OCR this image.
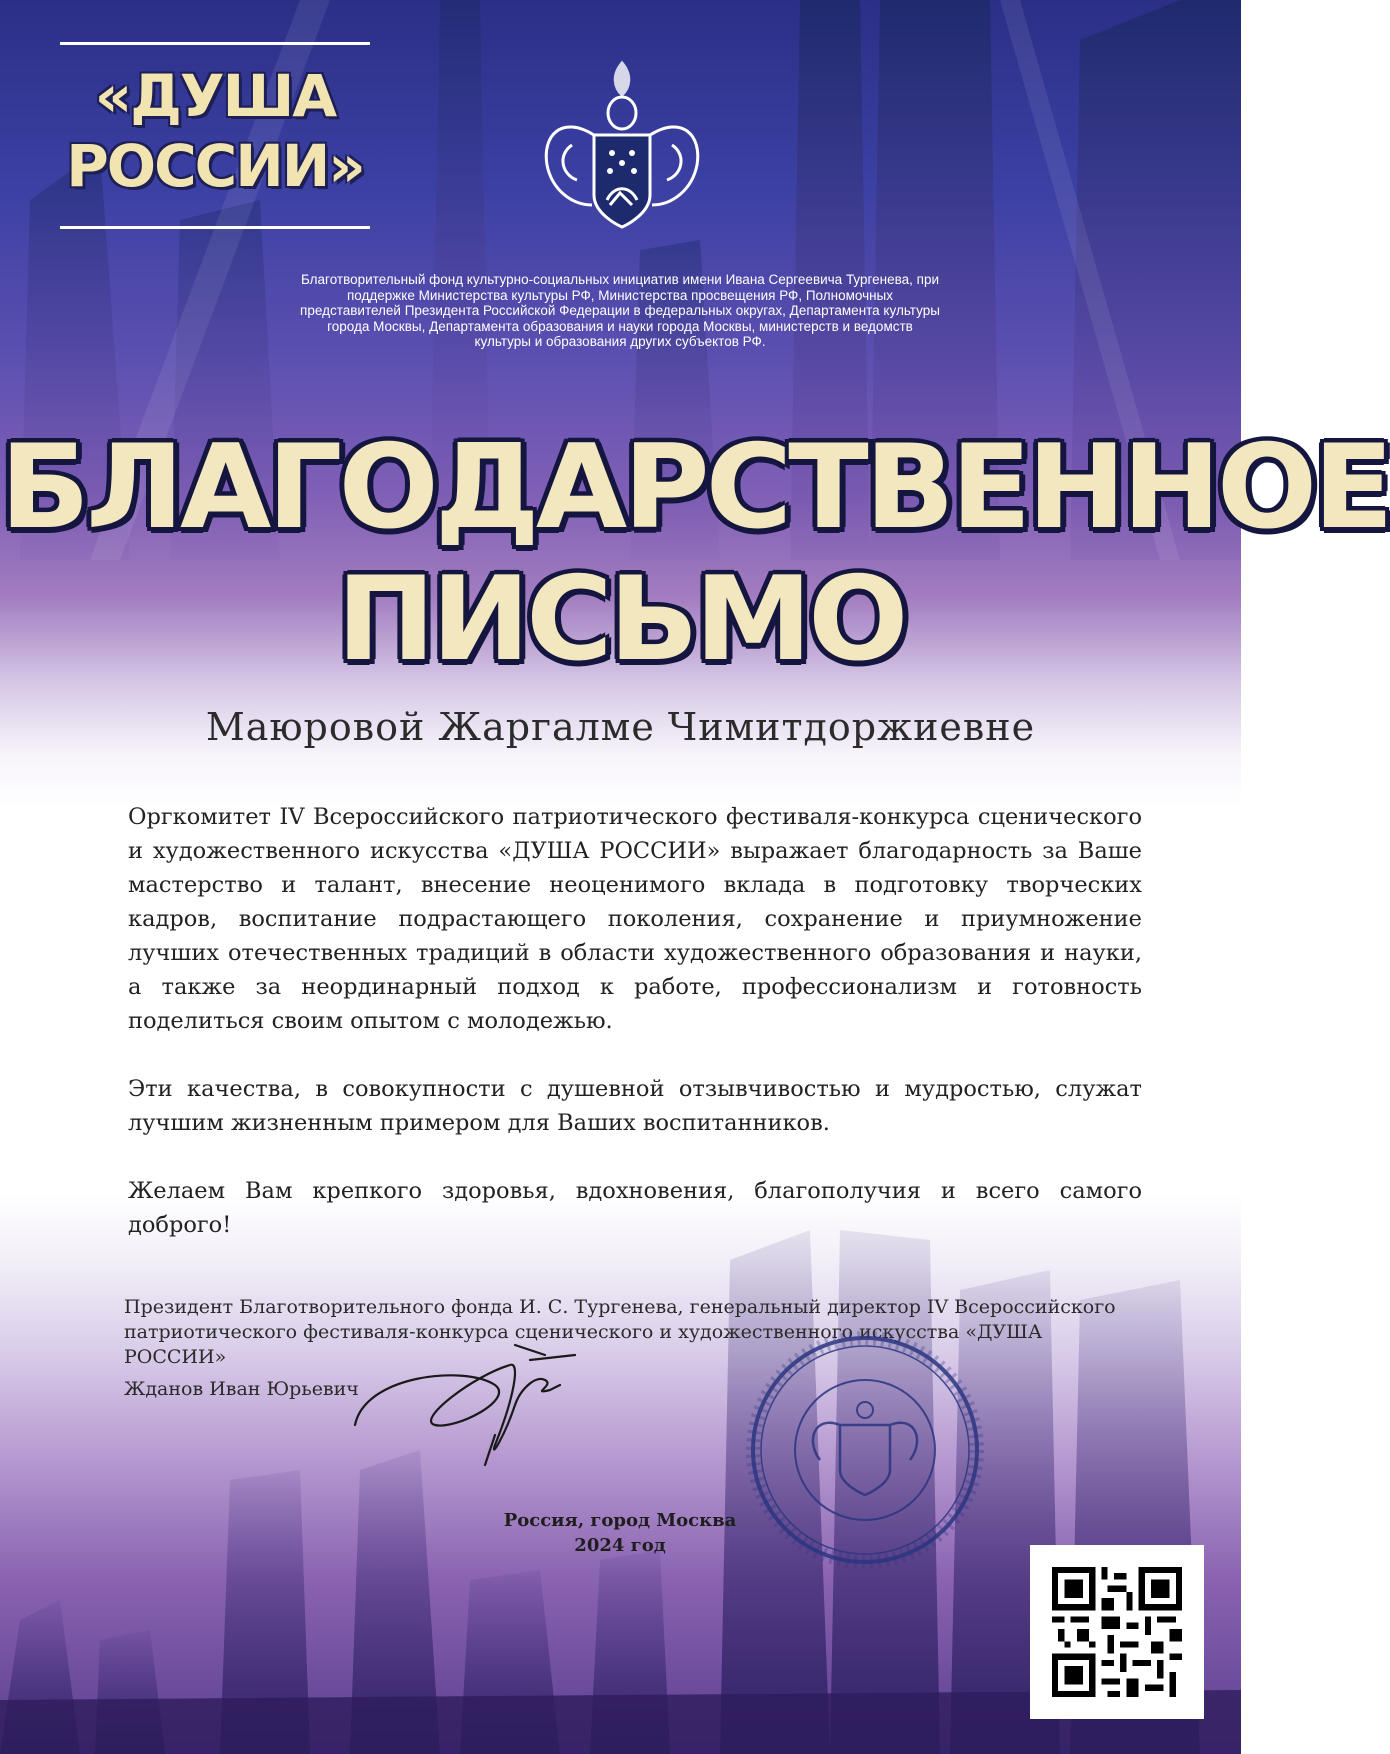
«ДУША
РОССИИ»
Благотворительный фонд культурно-социальных инициатив имени Ивана Сергеевича Тургенева, при поддержке Министерства культуры РФ, Министерства просвещения РФ, Полномочных представителей Президента Российской Федерации в федеральных округах, Департамента культуры города Москвы, Департамента образования и науки города Москвы, министерств и ведомств культуры и образования других субъектов РФ.
БЛАГОДАРСТВЕННОЕ
ПИСЬМО
Маюровой Жаргалме Чимитдоржиевне

Оргкомитет IV Всероссийского патриотического фестиваля-конкурса сценического и художественного искусства «ДУША РОССИИ» выражает благодарность за Ваше мастерство и талант, внесение неоценимого вклада в подготовку творческих кадров, воспитание подрастающего поколения, сохранение и приумножение лучших отечественных традиций в области художественного образования и науки, а также за неординарный подход к работе, профессионализм и готовность поделиться своим опытом с молодежью.

Эти качества, в совокупности с душевной отзывчивостью и мудростью, служат лучшим жизненным примером для Ваших воспитанников.

Желаем Вам крепкого здоровья, вдохновения, благополучия и всего самого доброго!

Президент Благотворительного фонда И. С. Тургенева, генеральный директор IV Всероссийского патриотического фестиваля-конкурса сценического и художественного искусства «ДУША РОССИИ»
Жданов Иван Юрьевич
Россия, город Москва
2024 год
